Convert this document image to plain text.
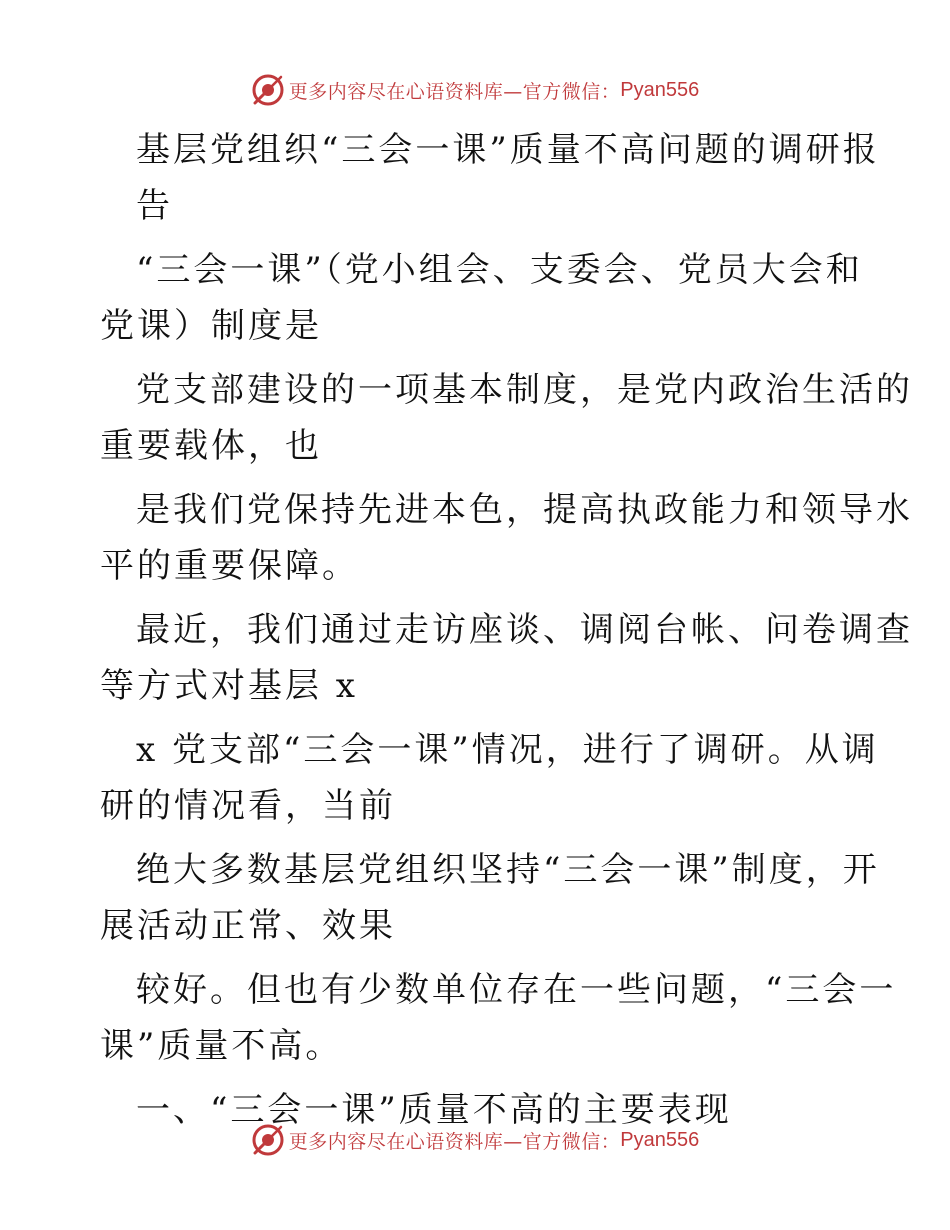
更多内容尽在心语资料库—官方微信： Pyan556
基层党组织“三会一课”质量不高问题的调研报
告
“三会一课”（党小组会、支委会、党员大会和
党课）制度是
党支部建设的一项基本制度，是党内政治生活的
重要载体，也
是我们党保持先进本色，提高执政能力和领导水
平的重要保障。
最近，我们通过走访座谈、调阅台帐、问卷调查
等方式对基层 x
x 党支部“三会一课”情况，进行了调研。从调
研的情况看，当前
绝大多数基层党组织坚持“三会一课”制度，开
展活动正常、效果
较好。但也有少数单位存在一些问题，“三会一
课”质量不高。
一、“三会一课”质量不高的主要表现
更多内容尽在心语资料库—官方微信： Pyan556
